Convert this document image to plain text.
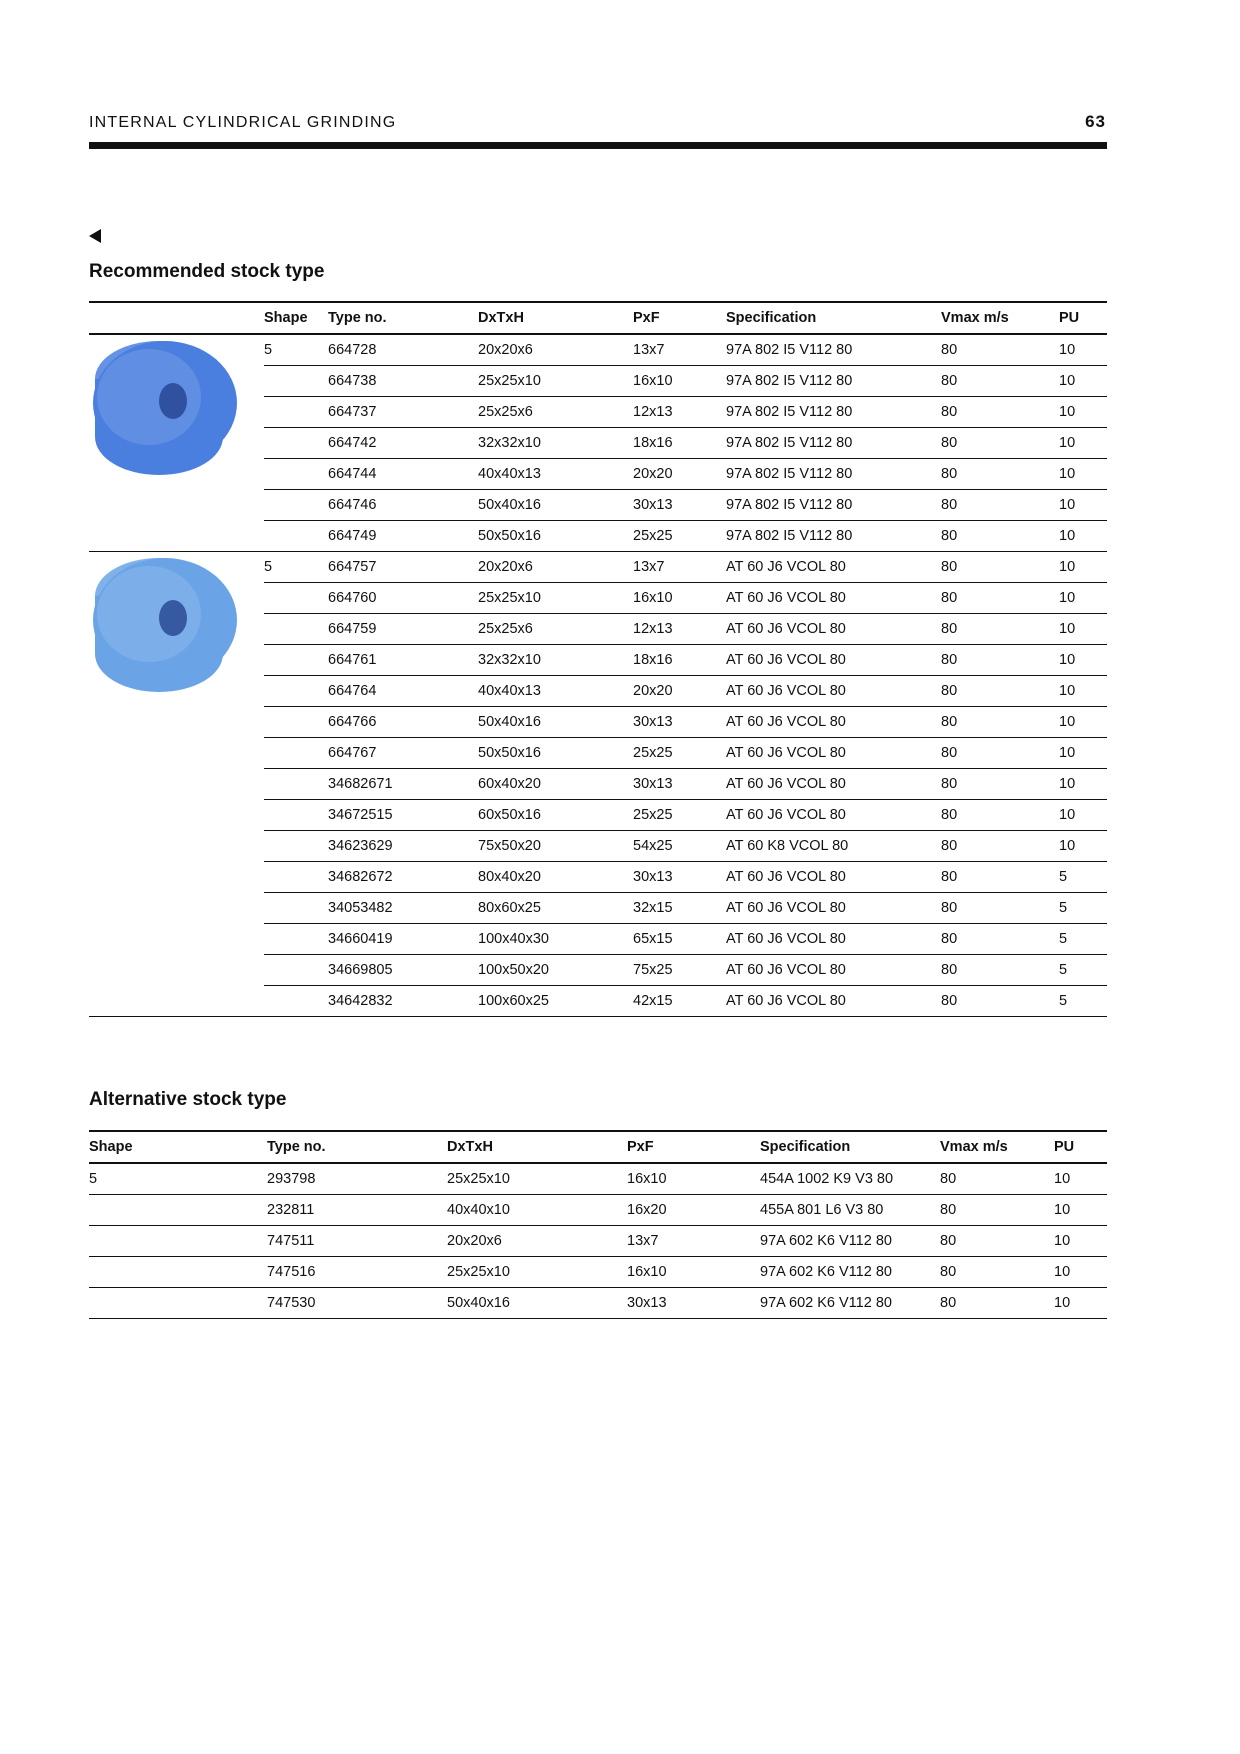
INTERNAL CYLINDRICAL GRINDING	63
Recommended stock type
	Shape	Type no.	DxTxH	PxF	Specification	Vmax m/s	PU

	5	664728	20x20x6	13x7	97A 802 I5 V112 80	80	10
		664738	25x25x10	16x10	97A 802 I5 V112 80	80	10
		664737	25x25x6	12x13	97A 802 I5 V112 80	80	10
		664742	32x32x10	18x16	97A 802 I5 V112 80	80	10
		664744	40x40x13	20x20	97A 802 I5 V112 80	80	10
		664746	50x40x16	30x13	97A 802 I5 V112 80	80	10
		664749	50x50x16	25x25	97A 802 I5 V112 80	80	10

	5	664757	20x20x6	13x7	AT 60 J6 VCOL 80	80	10
		664760	25x25x10	16x10	AT 60 J6 VCOL 80	80	10
		664759	25x25x6	12x13	AT 60 J6 VCOL 80	80	10
		664761	32x32x10	18x16	AT 60 J6 VCOL 80	80	10
		664764	40x40x13	20x20	AT 60 J6 VCOL 80	80	10
		664766	50x40x16	30x13	AT 60 J6 VCOL 80	80	10
		664767	50x50x16	25x25	AT 60 J6 VCOL 80	80	10
		34682671	60x40x20	30x13	AT 60 J6 VCOL 80	80	10
		34672515	60x50x16	25x25	AT 60 J6 VCOL 80	80	10
		34623629	75x50x20	54x25	AT 60 K8 VCOL 80	80	10
		34682672	80x40x20	30x13	AT 60 J6 VCOL 80	80	5
		34053482	80x60x25	32x15	AT 60 J6 VCOL 80	80	5
		34660419	100x40x30	65x15	AT 60 J6 VCOL 80	80	5
		34669805	100x50x20	75x25	AT 60 J6 VCOL 80	80	5
		34642832	100x60x25	42x15	AT 60 J6 VCOL 80	80	5
Alternative stock type
Shape	Type no.	DxTxH	PxF	Specification	Vmax m/s	PU
5	293798	25x25x10	16x10	454A 1002 K9 V3 80	80	10
	232811	40x40x10	16x20	455A 801 L6 V3 80	80	10
	747511	20x20x6	13x7	97A 602 K6 V112 80	80	10
	747516	25x25x10	16x10	97A 602 K6 V112 80	80	10
	747530	50x40x16	30x13	97A 602 K6 V112 80	80	10
